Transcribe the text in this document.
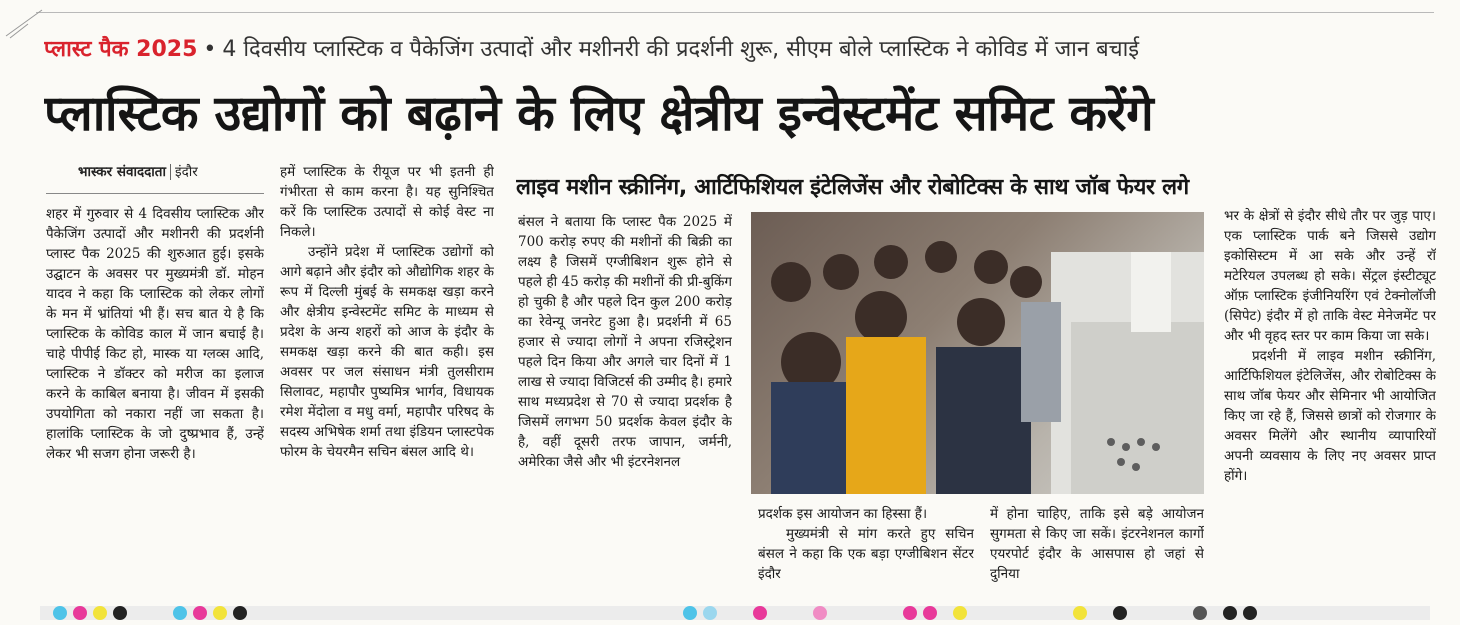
प्लास्ट पैक 2025 • 4 दिवसीय प्लास्टिक व पैकेजिंग उत्पादों और मशीनरी की प्रदर्शनी शुरू, सीएम बोले प्लास्टिक ने कोविड में जान बचाई
प्लास्टिक उद्योगों को बढ़ाने के लिए क्षेत्रीय इन्वेस्टमेंट समिट करेंगे
भास्कर संवाददाता इंदौर

शहर में गुरुवार से 4 दिवसीय प्लास्टिक और पैकेजिंग उत्पादों और मशीनरी की प्रदर्शनी प्लास्ट पैक 2025 की शुरुआत हुई। इसके उद्घाटन के अवसर पर मुख्यमंत्री डॉ. मोहन यादव ने कहा कि प्लास्टिक को लेकर लोगों के मन में भ्रांतियां भी हैं। सच बात ये है कि प्लास्टिक के कोविड काल में जान बचाई है। चाहे पीपीई किट हो, मास्क या ग्लव्स आदि, प्लास्टिक ने डॉक्टर को मरीज का इलाज करने के काबिल बनाया है। जीवन में इसकी उपयोगिता को नकारा नहीं जा सकता है। हालांकि प्लास्टिक के जो दुष्प्रभाव हैं, उन्हें लेकर भी सजग होना जरूरी है।

हमें प्लास्टिक के रीयूज पर भी इतनी ही गंभीरता से काम करना है। यह सुनिश्चित करें कि प्लास्टिक उत्पादों से कोई वेस्ट ना निकले।

उन्होंने प्रदेश में प्लास्टिक उद्योगों को आगे बढ़ाने और इंदौर को औद्योगिक शहर के रूप में दिल्ली मुंबई के समकक्ष खड़ा करने और क्षेत्रीय इन्वेस्टमेंट समिट के माध्यम से प्रदेश के अन्य शहरों को आज के इंदौर के समकक्ष खड़ा करने की बात कही। इस अवसर पर जल संसाधन मंत्री तुलसीराम सिलावट, महापौर पुष्यमित्र भार्गव, विधायक रमेश मेंदोला व मधु वर्मा, महापौर परिषद के सदस्य अभिषेक शर्मा तथा इंडियन प्लास्टपेक फोरम के चेयरमैन सचिन बंसल आदि थे।

लाइव मशीन स्क्रीनिंग, आर्टिफिशियल इंटेलिजेंस और रोबोटिक्स के साथ जॉब फेयर लगे

बंसल ने बताया कि प्लास्ट पैक 2025 में 700 करोड़ रुपए की मशीनों की बिक्री का लक्ष्य है जिसमें एग्जीबिशन शुरू होने से पहले ही 45 करोड़ की मशीनों की प्री-बुकिंग हो चुकी है और पहले दिन कुल 200 करोड़ का रेवेन्यू जनरेट हुआ है। प्रदर्शनी में 65 हजार से ज्यादा लोगों ने अपना रजिस्ट्रेशन पहले दिन किया और अगले चार दिनों में 1 लाख से ज्यादा विजिटर्स की उम्मीद है। हमारे साथ मध्यप्रदेश से 70 से ज्यादा प्रदर्शक है जिसमें लगभग 50 प्रदर्शक केवल इंदौर के है, वहीं दूसरी तरफ जापान, जर्मनी, अमेरिका जैसे और भी इंटरनेशनल

प्रदर्शक इस आयोजन का हिस्सा हैं।

मुख्यमंत्री से मांग करते हुए सचिन बंसल ने कहा कि एक बड़ा एग्जीबिशन सेंटर इंदौर

में होना चाहिए, ताकि इसे बड़े आयोजन सुगमता से किए जा सकें। इंटरनेशनल कार्गो एयरपोर्ट इंदौर के आसपास हो जहां से दुनिया

भर के क्षेत्रों से इंदौर सीधे तौर पर जुड़ पाए। एक प्लास्टिक पार्क बने जिससे उद्योग इकोसिस्टम में आ सके और उन्हें रॉ मटेरियल उपलब्ध हो सके। सेंट्रल इंस्टीट्यूट ऑफ़ प्लास्टिक इंजीनियरिंग एवं टेक्नोलॉजी (सिपेट) इंदौर में हो ताकि वेस्ट मेनेजमेंट पर और भी वृहद स्तर पर काम किया जा सके।

प्रदर्शनी में लाइव मशीन स्क्रीनिंग, आर्टिफिशियल इंटेलिजेंस, और रोबोटिक्स के साथ जॉब फेयर और सेमिनार भी आयोजित किए जा रहे हैं, जिससे छात्रों को रोजगार के अवसर मिलेंगे और स्थानीय व्यापारियों अपनी व्यवसाय के लिए नए अवसर प्राप्त होंगे।
